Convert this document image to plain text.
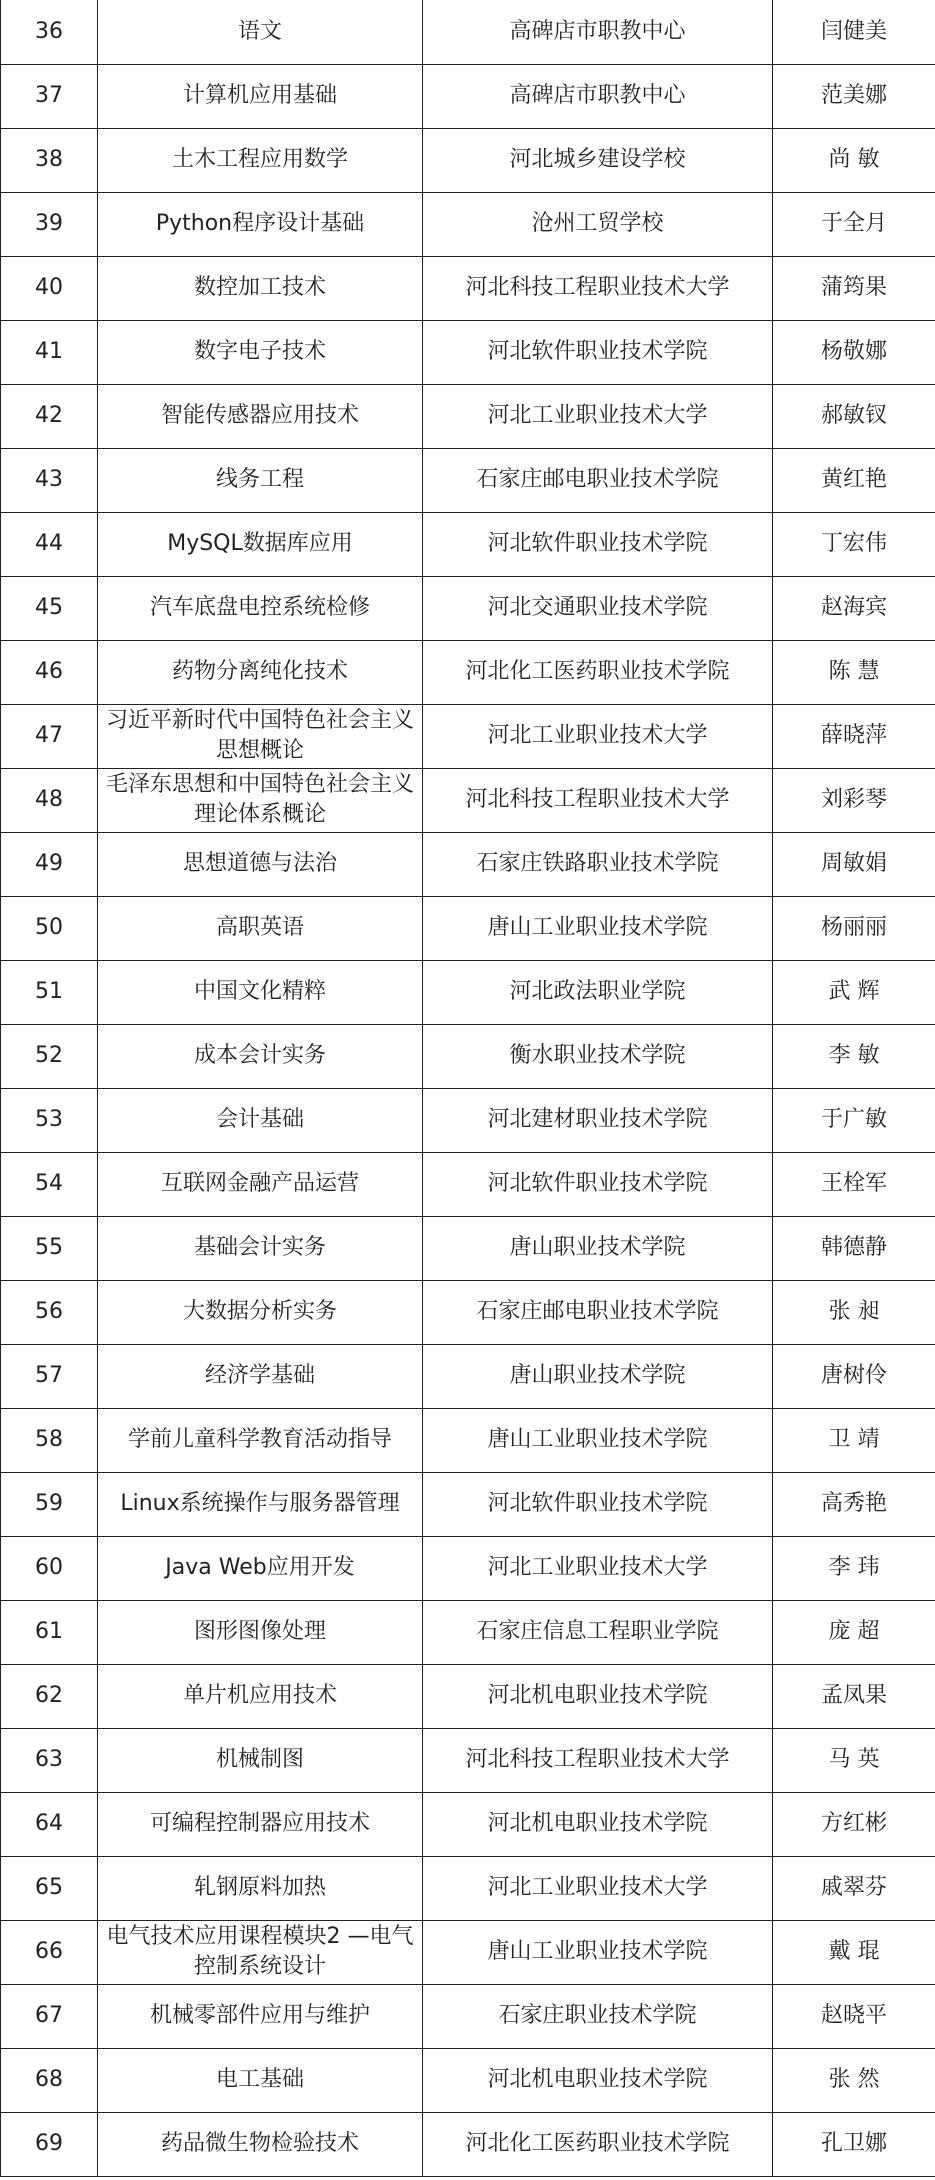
36	语文	高碑店市职教中心	闫健美
37	计算机应用基础	高碑店市职教中心	范美娜
38	土木工程应用数学	河北城乡建设学校	尚 敏
39	Python程序设计基础	沧州工贸学校	于全月
40	数控加工技术	河北科技工程职业技术大学	蒲筠果
41	数字电子技术	河北软件职业技术学院	杨敬娜
42	智能传感器应用技术	河北工业职业技术大学	郝敏钗
43	线务工程	石家庄邮电职业技术学院	黄红艳
44	MySQL数据库应用	河北软件职业技术学院	丁宏伟
45	汽车底盘电控系统检修	河北交通职业技术学院	赵海宾
46	药物分离纯化技术	河北化工医药职业技术学院	陈 慧
47	习近平新时代中国特色社会主义思想概论	河北工业职业技术大学	薛晓萍
48	毛泽东思想和中国特色社会主义理论体系概论	河北科技工程职业技术大学	刘彩琴
49	思想道德与法治	石家庄铁路职业技术学院	周敏娟
50	高职英语	唐山工业职业技术学院	杨丽丽
51	中国文化精粹	河北政法职业学院	武 辉
52	成本会计实务	衡水职业技术学院	李 敏
53	会计基础	河北建材职业技术学院	于广敏
54	互联网金融产品运营	河北软件职业技术学院	王栓军
55	基础会计实务	唐山职业技术学院	韩德静
56	大数据分析实务	石家庄邮电职业技术学院	张 昶
57	经济学基础	唐山职业技术学院	唐树伶
58	学前儿童科学教育活动指导	唐山工业职业技术学院	卫 靖
59	Linux系统操作与服务器管理	河北软件职业技术学院	高秀艳
60	Java Web应用开发	河北工业职业技术大学	李 玮
61	图形图像处理	石家庄信息工程职业学院	庞 超
62	单片机应用技术	河北机电职业技术学院	孟凤果
63	机械制图	河北科技工程职业技术大学	马 英
64	可编程控制器应用技术	河北机电职业技术学院	方红彬
65	轧钢原料加热	河北工业职业技术大学	戚翠芬
66	电气技术应用课程模块2 —电气控制系统设计	唐山工业职业技术学院	戴 琨
67	机械零部件应用与维护	石家庄职业技术学院	赵晓平
68	电工基础	河北机电职业技术学院	张 然
69	药品微生物检验技术	河北化工医药职业技术学院	孔卫娜
